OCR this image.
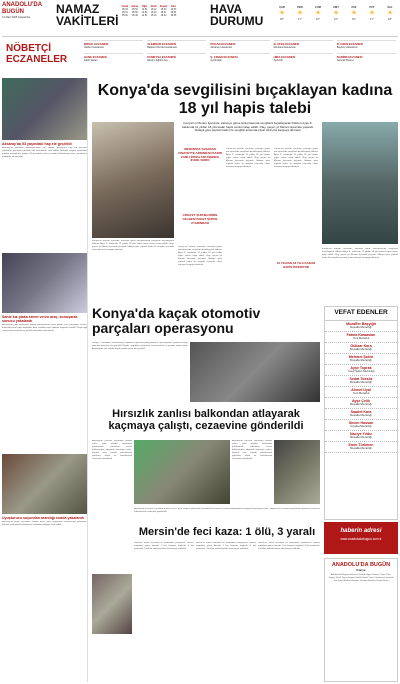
ANADOLU'DA BUGÜN
12 Mart 2025 Çarşamba
NAMAZ
VAKİTLERİ
İmsak	Güneş	Öğle	İkindi	Akşam	Yatsı
05:33	06:52	12:51	16:12	18:40	19:53
05:31	06:50	12:51	16:13	18:41	19:54
05:30	06:49	12:51	16:13	18:42	19:55	HAVA
DURUMU
ÇAR
☀
18°
PER
☀
17°
CUM
☀
16°
CMT
☀
16°
PAZ
☀
15°
PZT
☀
17°
SAL
☀
18°
NÖBETÇİ
ECZANELER
BİRLİK ECZANESİ
Nalbur Hastanesi
ALEMDAR ECZANESİ
Başkent Devlet Hastanesi
POÇAN ECZANESİ
Aksaray Hastanesi
B. ATEŞ ECZANESİ
Mevlana Hastanesi
R. ÖZEN ECZANESİ
Baykoç Hastanesi
HANE ECZANESİ
Fatih Selam
KÜMEYSA ECZANESİ
Meram Eğitim Arş.
Ş. ÇINAR ECZANESİ
Aydınoğlu
HİRA ECZANESİ
Aydınlık
NADİRE ECZANESİ
Sancak Bosna
Aksaray'da 53 yaşındaki hap ele geçirildi
Aksaray'da yürütülen operasyonlarda çok sayıda uyuşturucu hap ele geçirildi. Şüpheliler gözaltına alınarak adli makamlara sevk edildi. Narkotik ekipleri tarafından yapılan aramalarda toplam 53 yaşındaki şahsın evinde kullanılmaya hazır uyuşturucu maddeler ele geçirildi.
Sahte kız plaka sterm veren araç, konuşarak sonucu yakalandı
Aksaray'da polis ekiplerinin yaptığı denetimlerde sahte plakalı araç yakalandı. Sürücü hakkında yasal işlem başlatıldı. Araç trafikten men edilerek otoparka çekildi. Olayla ilgili soruşturma başlatıldı ve gerekli tutanaklar düzenlendi.
Uyuşturucu suçundan arandığı sırada yakalandı
Aksaray'da çeşitli suçlardan aranan şahıs polis ekiplerinin çalışmasıyla yakalandı. Şüpheli emniyetteki işlemlerinin ardından adliyeye sevk edildi.
Konya'da sevgilisini bıçaklayan kadına 18 yıl hapis talebi
Konya'nın Meram ilçesinde, kahveye gitme tartışmasında sevgilisini bıçaklayarak öldüren Ayşe K. hakkında 12 yıldan 18 yıla kadar hapis cezası talep edildi. Olay, geçen yıl Meram ilçesinde yaşandı. İddiaya göre şüpheli kadın ile sevgilisi arasında çıkan tartışma kavgaya dönüştü.
Konya'nın Meram ilçesinde, kahveye gitme tartışmasında sevgilisini bıçaklayarak öldüren Ayşe K. hakkında 12 yıldan 18 yıla kadar hapis cezası talep edildi. Olay, geçen yıl Meram ilçesinde yaşandı. İddiaya göre şüpheli kadın ile sevgilisi arasında çıkan tartışma kavgaya dönüştü.
MERAM'DA YAŞANAN CİNAYETTE ARDINDAN KADIN ZANLI İDDİALARI DIŞINDA İFADE VERDİ
CİNAYET ŞÜPHELİSİNİN CELBESİ PAKET ŞÜPHE UYARINDASI
Konya'nın Meram ilçesinde, kahveye gitme tartışmasında sevgilisini bıçaklayarak öldüren Ayşe K. hakkında 12 yıldan 18 yıla kadar hapis cezası talep edildi. Olay, geçen yıl Meram ilçesinde yaşandı. İddiaya göre şüpheli kadın ile sevgilisi arasında çıkan tartışma kavgaya dönüştü.
Konya'nın Meram ilçesinde, kahveye gitme tartışmasında sevgilisini bıçaklayarak öldüren Ayşe K. hakkında 12 yıldan 18 yıla kadar hapis cezası talep edildi. Olay, geçen yıl Meram ilçesinde yaşandı. İddiaya göre şüpheli kadın ile sevgilisi arasında çıkan tartışma kavgaya dönüştü.
Konya'nın Meram ilçesinde, kahveye gitme tartışmasında sevgilisini bıçaklayarak öldüren Ayşe K. hakkında 12 yıldan 18 yıla kadar hapis cezası talep edildi. Olay, geçen yıl Meram ilçesinde yaşandı. İddiaya göre şüpheli kadın ile sevgilisi arasında çıkan tartışma kavgaya dönüştü.
12 YILDAN 18 YILA KADAR HAPİS İSTENİYOR
Konya'nın Meram ilçesinde, kahveye gitme tartışmasında sevgilisini bıçaklayarak öldüren Ayşe K. hakkında 12 yıldan 18 yıla kadar hapis cezası talep edildi. Olay, geçen yıl Meram ilçesinde yaşandı. İddiaya göre şüpheli kadın ile sevgilisi arasında çıkan tartışma kavgaya dönüştü.
Konya'da kaçak otomotiv parçaları operasyonu
Konya İl Jandarma Komutanlığı ekiplerinin gerçekleştirdiği başarılı operasyonda, gümrük kaçağı otomotiv parçaları ele geçirildi. Ekipler, yaptıkları çalışmalar sonucunda bir iş yerinde arama yaptı. Aramalarda çok sayıda kaçak yedek parça ele geçirildi.
Hırsızlık zanlısı balkondan atlayarak kaçmaya çalıştı, cezaevine gönderildi
Aksaray'da hırsızlık suçundan aranan şahıs, polis ekipleri tarafından yakalanmak istenirken evinin balkonundan atlayarak kaçmaya çalıştı. Şüpheli kısa sürede yakalanarak gözaltına alındı ve tutuklanarak cezaevine gönderildi.
Aksaray'da hırsızlık suçundan aranan şahıs, polis ekipleri tarafından yakalanmak istenirken evinin balkonundan atlayarak kaçmaya çalıştı. Şüpheli kısa sürede yakalanarak gözaltına alındı ve tutuklanarak cezaevine gönderildi.
Aksaray'da hırsızlık suçundan aranan şahıs, polis ekipleri tarafından yakalanmak istenirken evinin balkonundan atlayarak kaçmaya çalıştı. Şüpheli kısa sürede yakalanarak gözaltına alındı ve tutuklanarak cezaevine gönderildi.
Mersin'de feci kaza: 1 ölü, 3 yaralı
Mersin'in Silifke ilçesinde iki otomobilin çarpışması sonucu meydana gelen kazada 1 kişi hayatını kaybetti, 3 kişi yaralandı. Yaralılar ambulanslarla hastaneye kaldırıldı.
Mersin'in Silifke ilçesinde iki otomobilin çarpışması sonucu meydana gelen kazada 1 kişi hayatını kaybetti, 3 kişi yaralandı. Yaralılar ambulanslarla hastaneye kaldırıldı.
Mersin'in Silifke ilçesinde iki otomobilin çarpışması sonucu meydana gelen kazada 1 kişi hayatını kaybetti, 3 kişi yaralandı. Yaralılar ambulanslarla hastaneye kaldırıldı.
VEFAT EDENLER
Muzaffer Başyiğit
Musalla Mezarlığı
Fatma Karaaslan
Yeni Mezarlık
Gülizar Kara
Musalla Mezarlığı
Mehmet Şahin
Musalla Mezarlığı
Ayşe Toprak
Yusuf Şahin Mezarlığı
Sedat Toksöz
Musalla Mezarlığı
Ahmet Uyal
Yeni Mezarlık
Ayşe Çelik
Musalla Mezarlığı
Saadet Kara
Musalla Mezarlığı
Sinem Hassan
Üçyaka Mezarlığı
Naciye Yıldız
Musalla Mezarlığı
Emin Türkmen
Musalla Mezarlığı
haberin adresi
www.anadoludabugun.com.tr
ANADOLU'DA BUGÜN
Künye
Anadolu'da Bugün Gazetesi Günlük Siyasi Gazete Yayın Türü: Yaygın Süreli Yayın İmtiyaz Sahibi Genel Yayın Yönetmeni Sorumlu Yazı İşleri Müdürü Reklam Yönetim Merkezi Konya Baskı
